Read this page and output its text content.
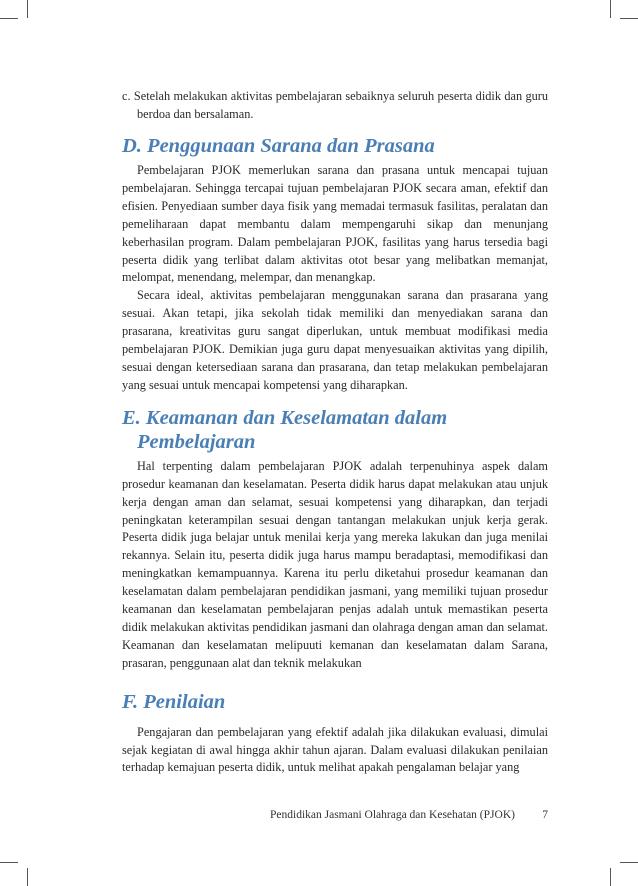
c. Setelah melakukan aktivitas pembelajaran sebaiknya seluruh peserta didik dan guru berdoa dan bersalaman.

D. Penggunaan Sarana dan Prasana

Pembelajaran PJOK memerlukan sarana dan prasana untuk mencapai tujuan pembelajaran. Sehingga tercapai tujuan pembelajaran PJOK secara aman, efektif dan efisien. Penyediaan sumber daya fisik yang memadai termasuk fasilitas, peralatan dan pemeliharaan dapat membantu dalam mempengaruhi sikap dan menunjang keberhasilan program. Dalam pembelajaran PJOK, fasilitas yang harus tersedia bagi peserta didik yang terlibat dalam aktivitas otot besar yang melibatkan memanjat, melompat, menendang, melempar, dan menangkap.

Secara ideal, aktivitas pembelajaran menggunakan sarana dan prasarana yang sesuai. Akan tetapi, jika sekolah tidak memiliki dan menyediakan sarana dan prasarana, kreativitas guru sangat diperlukan, untuk membuat modifikasi media pembelajaran PJOK. Demikian juga guru dapat menyesuaikan aktivitas yang dipilih, sesuai dengan ketersediaan sarana dan prasarana, dan tetap melakukan pembelajaran yang sesuai untuk mencapai kompetensi yang diharapkan.

E. Keamanan dan Keselamatan dalam
Pembelajaran

Hal terpenting dalam pembelajaran PJOK adalah terpenuhinya aspek dalam prosedur keamanan dan keselamatan. Peserta didik harus dapat melakukan atau unjuk kerja dengan aman dan selamat, sesuai kompetensi yang diharapkan, dan terjadi peningkatan keterampilan sesuai dengan tantangan melakukan unjuk kerja gerak. Peserta didik juga belajar untuk menilai kerja yang mereka lakukan dan juga menilai rekannya. Selain itu, peserta didik juga harus mampu beradaptasi, memodifikasi dan meningkatkan kemampuannya. Karena itu perlu diketahui prosedur keamanan dan keselamatan dalam pembelajaran pendidikan jasmani, yang memiliki tujuan prosedur keamanan dan keselamatan pembelajaran penjas adalah untuk memastikan peserta didik melakukan aktivitas pendidikan jasmani dan olahraga dengan aman dan selamat. Keamanan dan keselamatan melipuuti kemanan dan keselamatan dalam Sarana, prasaran, penggunaan alat dan teknik melakukan

F. Penilaian

Pengajaran dan pembelajaran yang efektif adalah jika dilakukan evaluasi, dimulai sejak kegiatan di awal hingga akhir tahun ajaran. Dalam evaluasi dilakukan penilaian terhadap kemajuan peserta didik, untuk melihat apakah pengalaman belajar yang

Pendidikan Jasmani Olahraga dan Kesehatan (PJOK) 7
